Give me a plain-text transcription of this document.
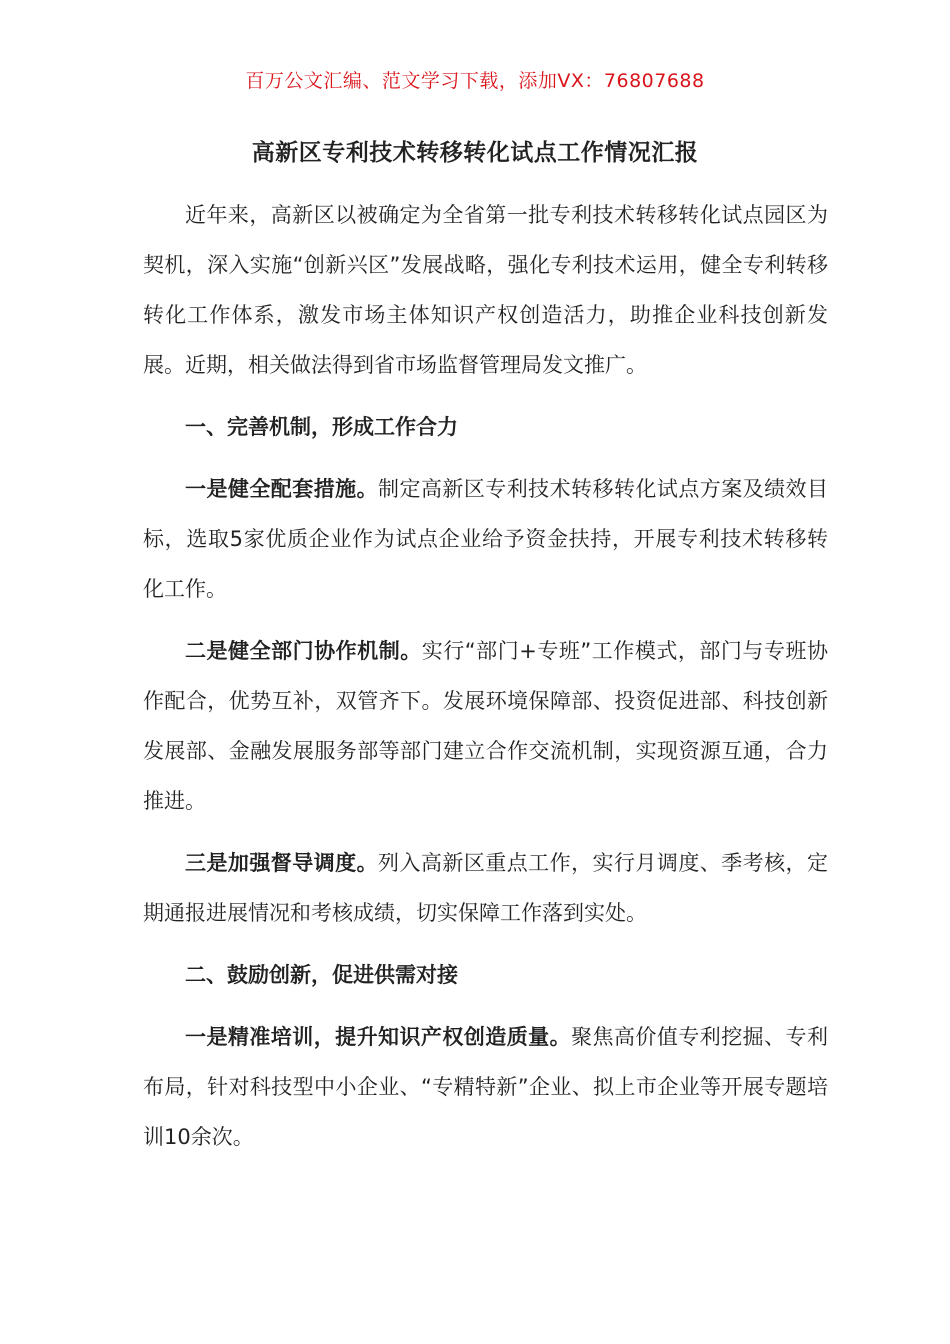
百万公文汇编、范文学习下载，添加VX：76807688
高新区专利技术转移转化试点工作情况汇报

近年来，高新区以被确定为全省第一批专利技术转移转化试点园区为契机，深入实施“创新兴区”发展战略，强化专利技术运用，健全专利转移转化工作体系，激发市场主体知识产权创造活力，助推企业科技创新发展。近期，相关做法得到省市场监督管理局发文推广。

一、完善机制，形成工作合力

一是健全配套措施。制定高新区专利技术转移转化试点方案及绩效目标，选取5家优质企业作为试点企业给予资金扶持，开展专利技术转移转化工作。

二是健全部门协作机制。实行“部门+专班”工作模式，部门与专班协作配合，优势互补，双管齐下。发展环境保障部、投资促进部、科技创新发展部、金融发展服务部等部门建立合作交流机制，实现资源互通，合力推进。

三是加强督导调度。列入高新区重点工作，实行月调度、季考核，定期通报进展情况和考核成绩，切实保障工作落到实处。

二、鼓励创新，促进供需对接

一是精准培训，提升知识产权创造质量。聚焦高价值专利挖掘、专利布局，针对科技型中小企业、“专精特新”企业、拟上市企业等开展专题培训10余次。
